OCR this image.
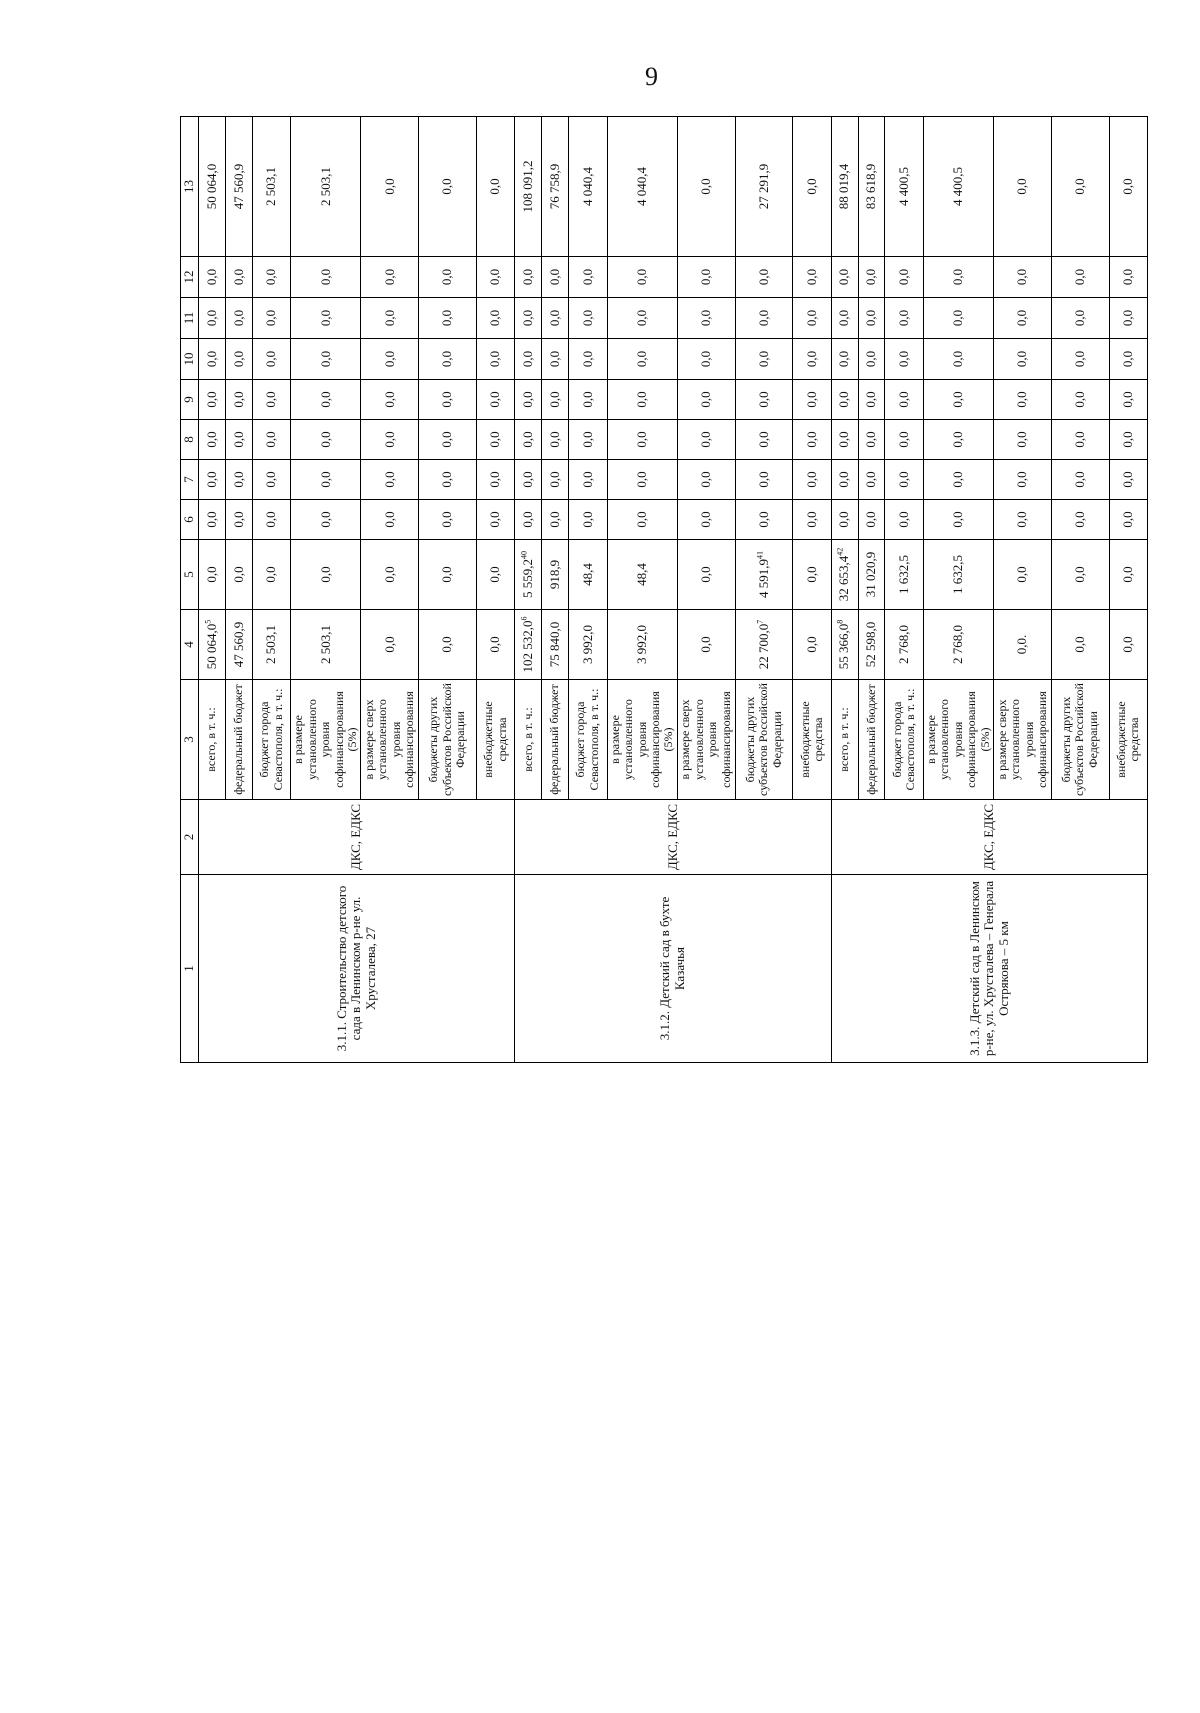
9
1	2	3	4	5	6	7	8	9	10	11	12	13
3.1.1. Строительство детского сада в Ленинском р-не ул. Хрусталева, 27	ДКС, ЕДКС	всего, в т. ч.:	50 064,0$^5$	0,0	0,0	0,0	0,0	0,0	0,0	0,0	0,0	50 064,0
		федеральный бюджет	47 560,9	0,0	0,0	0,0	0,0	0,0	0,0	0,0	0,0	47 560,9
		бюджет города Севастополя, в т. ч.:	2 503,1	0,0	0,0	0,0	0,0	0,0	0,0	0,0	0,0	2 503,1
		в размере установленного уровня софинансирования (5%)	2 503,1	0,0	0,0	0,0	0,0	0,0	0,0	0,0	0,0	2 503,1
		в размере сверх установленного уровня софинансирования	0,0	0,0	0,0	0,0	0,0	0,0	0,0	0,0	0,0	0,0
		бюджеты других субъектов Российской Федерации	0,0	0,0	0,0	0,0	0,0	0,0	0,0	0,0	0,0	0,0
		внебюджетные средства	0,0	0,0	0,0	0,0	0,0	0,0	0,0	0,0	0,0	0,0
3.1.2. Детский сад в бухте Казачья	ДКС, ЕДКС	всего, в т. ч.:	102 532,0$^6$	5 559,2$^{40}$	0,0	0,0	0,0	0,0	0,0	0,0	0,0	108 091,2
		федеральный бюджет	75 840,0	918,9	0,0	0,0	0,0	0,0	0,0	0,0	0,0	76 758,9
		бюджет города Севастополя, в т. ч.:	3 992,0	48,4	0,0	0,0	0,0	0,0	0,0	0,0	0,0	4 040,4
		в размере установленного уровня софинансирования (5%)	3 992,0	48,4	0,0	0,0	0,0	0,0	0,0	0,0	0,0	4 040,4
		в размере сверх установленного уровня софинансирования	0,0	0,0	0,0	0,0	0,0	0,0	0,0	0,0	0,0	0,0
		бюджеты других субъектов Российской Федерации	22 700,0$^7$	4 591,9$^{41}$	0,0	0,0	0,0	0,0	0,0	0,0	0,0	27 291,9
		внебюджетные средства	0,0	0,0	0,0	0,0	0,0	0,0	0,0	0,0	0,0	0,0
3.1.3. Детский сад в Ленинском р-не, ул. Хрусталева – Генерала Острякова – 5 км	ДКС, ЕДКС	всего, в т. ч.:	55 366,0$^8$	32 653,4$^{42}$	0,0	0,0	0,0	0,0	0,0	0,0	0,0	88 019,4
		федеральный бюджет	52 598,0	31 020,9	0,0	0,0	0,0	0,0	0,0	0,0	0,0	83 618,9
		бюджет города Севастополя, в т. ч.:	2 768,0	1 632,5	0,0	0,0	0,0	0,0	0,0	0,0	0,0	4 400,5
		в размере установленного уровня софинансирования (5%)	2 768,0	1 632,5	0,0	0,0	0,0	0,0	0,0	0,0	0,0	4 400,5
		в размере сверх установленного уровня софинансирования	0,0.	0,0	0,0	0,0	0,0	0,0	0,0	0,0	0,0	0,0
		бюджеты других субъектов Российской Федерации	0,0	0,0	0,0	0,0	0,0	0,0	0,0	0,0	0,0	0,0
		внебюджетные средства	0,0	0,0	0,0	0,0	0,0	0,0	0,0	0,0	0,0	0,0
